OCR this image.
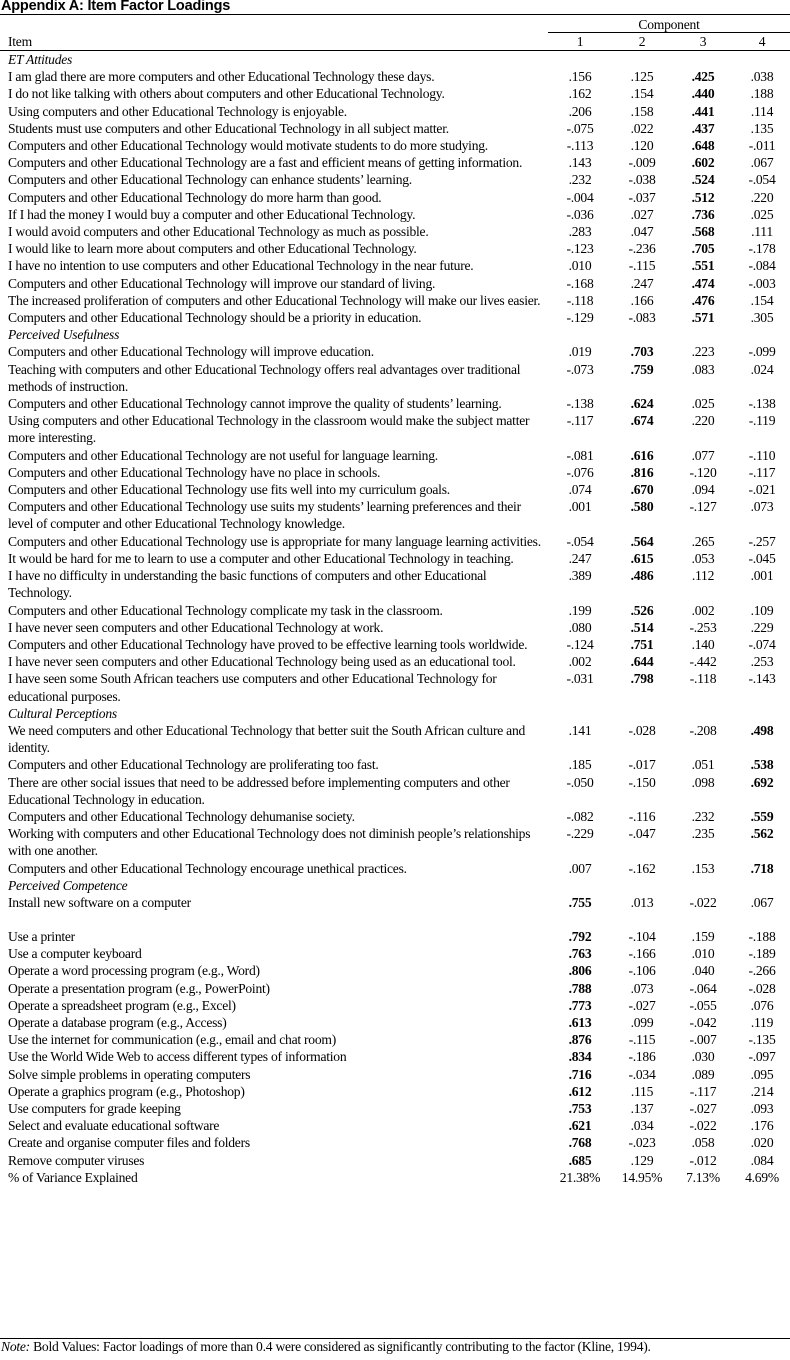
Appendix A: Item Factor Loadings
Component
Item	1	2	3	4
ET Attitudes
I am glad there are more computers and other Educational Technology these days.	.156	.125	.425	.038
I do not like talking with others about computers and other Educational Technology.	.162	.154	.440	.188
Using computers and other Educational Technology is enjoyable.	.206	.158	.441	.114
Students must use computers and other Educational Technology in all subject matter.	-.075	.022	.437	.135
Computers and other Educational Technology would motivate students to do more studying.	-.113	.120	.648	-.011
Computers and other Educational Technology are a fast and efficient means of getting information.	.143	-.009	.602	.067
Computers and other Educational Technology can enhance students’ learning.	.232	-.038	.524	-.054
Computers and other Educational Technology do more harm than good.	-.004	-.037	.512	.220
If I had the money I would buy a computer and other Educational Technology.	-.036	.027	.736	.025
I would avoid computers and other Educational Technology as much as possible.	.283	.047	.568	.111
I would like to learn more about computers and other Educational Technology.	-.123	-.236	.705	-.178
I have no intention to use computers and other Educational Technology in the near future.	.010	-.115	.551	-.084
Computers and other Educational Technology will improve our standard of living.	-.168	.247	.474	-.003
The increased proliferation of computers and other Educational Technology will make our lives easier.	-.118	.166	.476	.154
Computers and other Educational Technology should be a priority in education.	-.129	-.083	.571	.305
Perceived Usefulness
Computers and other Educational Technology will improve education.	.019	.703	.223	-.099
Teaching with computers and other Educational Technology offers real advantages over traditional methods of instruction.
-.073	.759	.083	.024
Computers and other Educational Technology cannot improve the quality of students’ learning.	-.138	.624	.025	-.138
Using computers and other Educational Technology in the classroom would make the subject matter more interesting.
-.117	.674	.220	-.119
Computers and other Educational Technology are not useful for language learning.	-.081	.616	.077	-.110
Computers and other Educational Technology have no place in schools.	-.076	.816	-.120	-.117
Computers and other Educational Technology use fits well into my curriculum goals.	.074	.670	.094	-.021
Computers and other Educational Technology use suits my students’ learning preferences and their level of computer and other Educational Technology knowledge.
.001	.580	-.127	.073
Computers and other Educational Technology use is appropriate for many language learning activities.	-.054	.564	.265	-.257
It would be hard for me to learn to use a computer and other Educational Technology in teaching.	.247	.615	.053	-.045
I have no difficulty in understanding the basic functions of computers and other Educational Technology.
.389	.486	.112	.001
Computers and other Educational Technology complicate my task in the classroom.	.199	.526	.002	.109
I have never seen computers and other Educational Technology at work.	.080	.514	-.253	.229
Computers and other Educational Technology have proved to be effective learning tools worldwide.	-.124	.751	.140	-.074
I have never seen computers and other Educational Technology being used as an educational tool.	.002	.644	-.442	.253
I have seen some South African teachers use computers and other Educational Technology for educational purposes.
-.031	.798	-.118	-.143
Cultural Perceptions
We need computers and other Educational Technology that better suit the South African culture and identity.
.141	-.028	-.208	.498
Computers and other Educational Technology are proliferating too fast.	.185	-.017	.051	.538
There are other social issues that need to be addressed before implementing computers and other Educational Technology in education.
-.050	-.150	.098	.692
Computers and other Educational Technology dehumanise society.	-.082	-.116	.232	.559
Working with computers and other Educational Technology does not diminish people’s relationships with one another.
-.229	-.047	.235	.562
Computers and other Educational Technology encourage unethical practices.	.007	-.162	.153	.718
Perceived Competence
Install new software on a computer	.755	.013	-.022	.067
Use a printer	.792	-.104	.159	-.188
Use a computer keyboard	.763	-.166	.010	-.189
Operate a word processing program (e.g., Word)	.806	-.106	.040	-.266
Operate a presentation program (e.g., PowerPoint)	.788	.073	-.064	-.028
Operate a spreadsheet program (e.g., Excel)	.773	-.027	-.055	.076
Operate a database program (e.g., Access)	.613	.099	-.042	.119
Use the internet for communication (e.g., email and chat room)	.876	-.115	-.007	-.135
Use the World Wide Web to access different types of information	.834	-.186	.030	-.097
Solve simple problems in operating computers	.716	-.034	.089	.095
Operate a graphics program (e.g., Photoshop)	.612	.115	-.117	.214
Use computers for grade keeping	.753	.137	-.027	.093
Select and evaluate educational software	.621	.034	-.022	.176
Create and organise computer files and folders	.768	-.023	.058	.020
Remove computer viruses	.685	.129	-.012	.084
% of Variance Explained	21.38%	14.95%	7.13%	4.69%
Note: Bold Values: Factor loadings of more than 0.4 were considered as significantly contributing to the factor (Kline, 1994).
